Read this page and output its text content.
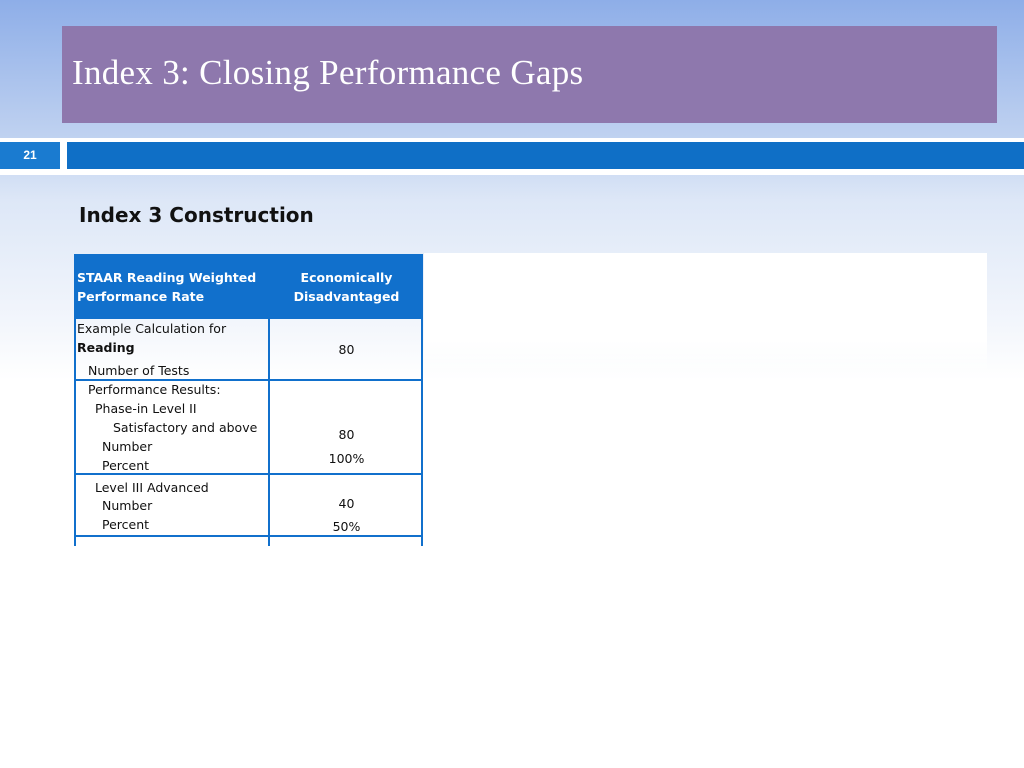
Index 3: Closing Performance Gaps
21
Index 3 Construction
STAAR Reading Weighted
Performance Rate
Economically
Disadvantaged
Example Calculation for
Reading
Number of Tests
80
Performance Results:
Phase-in Level II
Satisfactory and above
Number
Percent
80
100%
Level III Advanced
Number
Percent
40
50%
